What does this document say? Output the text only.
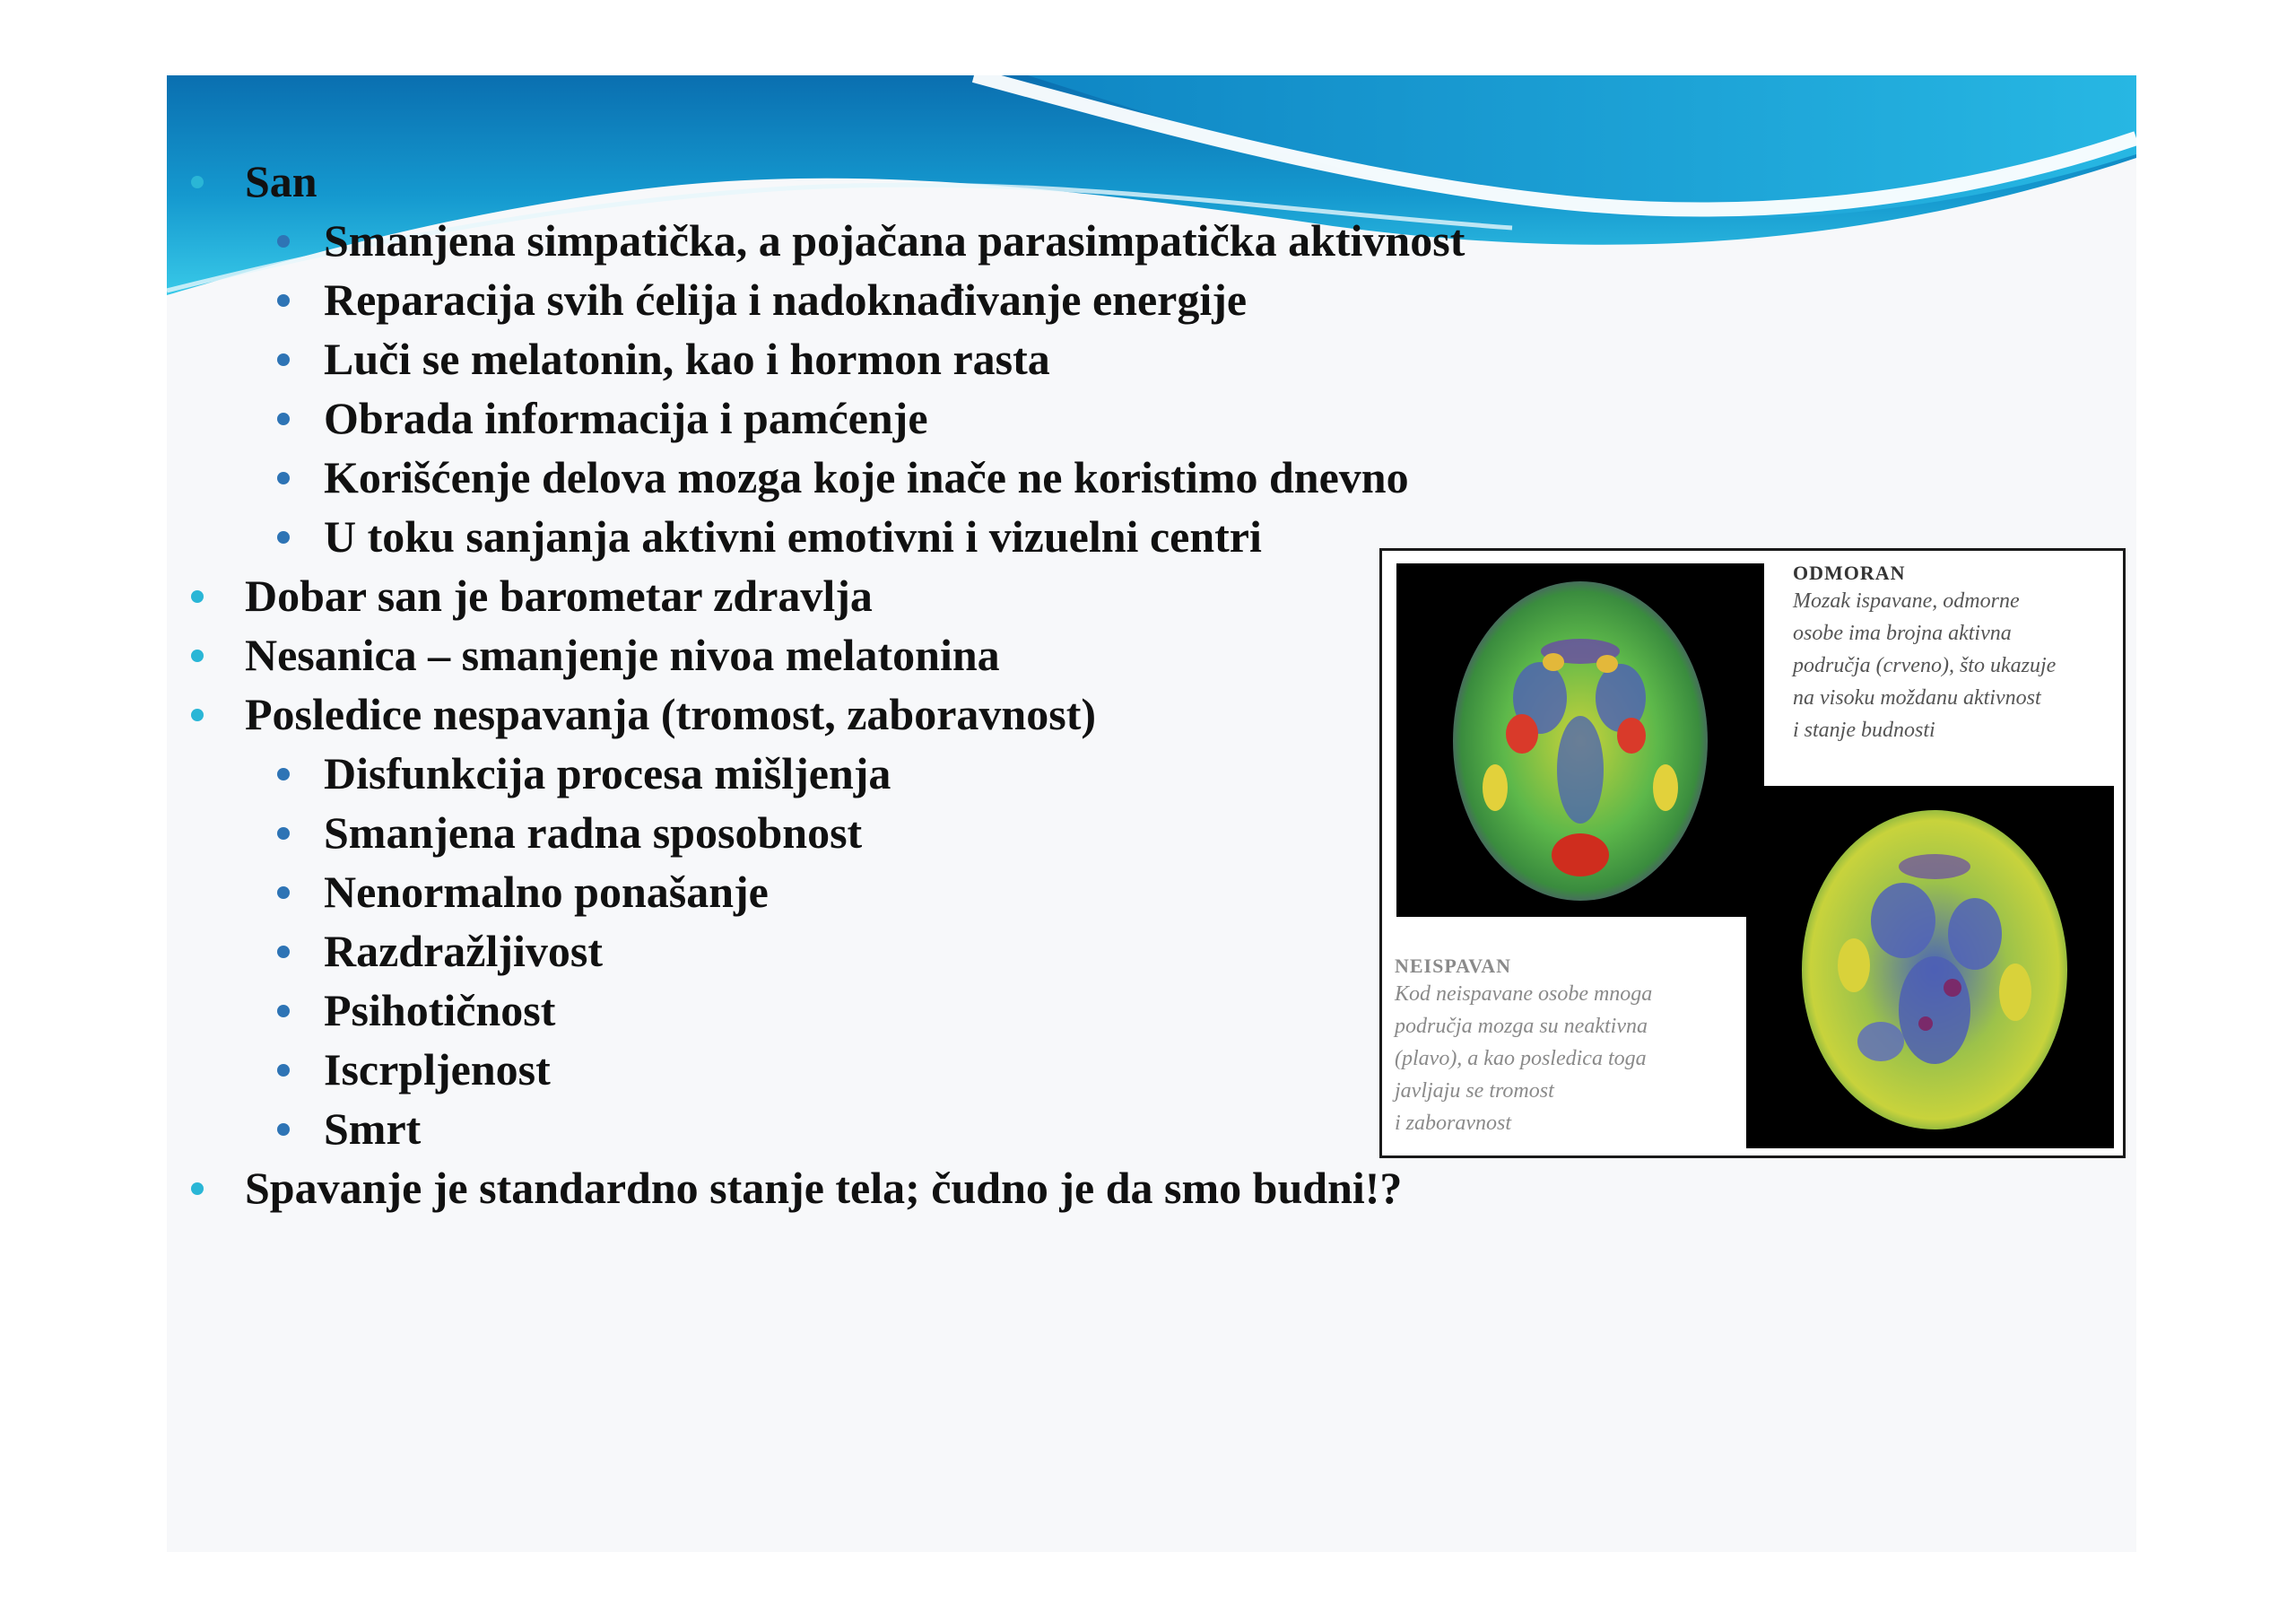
San
Smanjena simpatička, a pojačana parasimpatička aktivnost
Reparacija svih ćelija i nadoknađivanje energije
Luči se melatonin, kao i hormon rasta
Obrada informacija i pamćenje
Korišćenje delova mozga koje inače ne koristimo dnevno
U toku sanjanja aktivni emotivni i vizuelni centri
Dobar san je barometar zdravlja
Nesanica – smanjenje nivoa melatonina
Posledice nespavanja (tromost, zaboravnost)
Disfunkcija procesa mišljenja
Smanjena radna sposobnost
Nenormalno ponašanje
Razdražljivost
Psihotičnost
Iscrpljenost
Smrt
Spavanje je standardno stanje tela; čudno je da smo budni!?
ODMORAN
Mozak ispavane, odmorne
osobe ima brojna aktivna
područja (crveno), što ukazuje
na visoku moždanu aktivnost
i stanje budnosti
NEISPAVAN
Kod neispavane osobe mnoga
područja mozga su neaktivna
(plavo), a kao posledica toga
javljaju se tromost
i zaboravnost
